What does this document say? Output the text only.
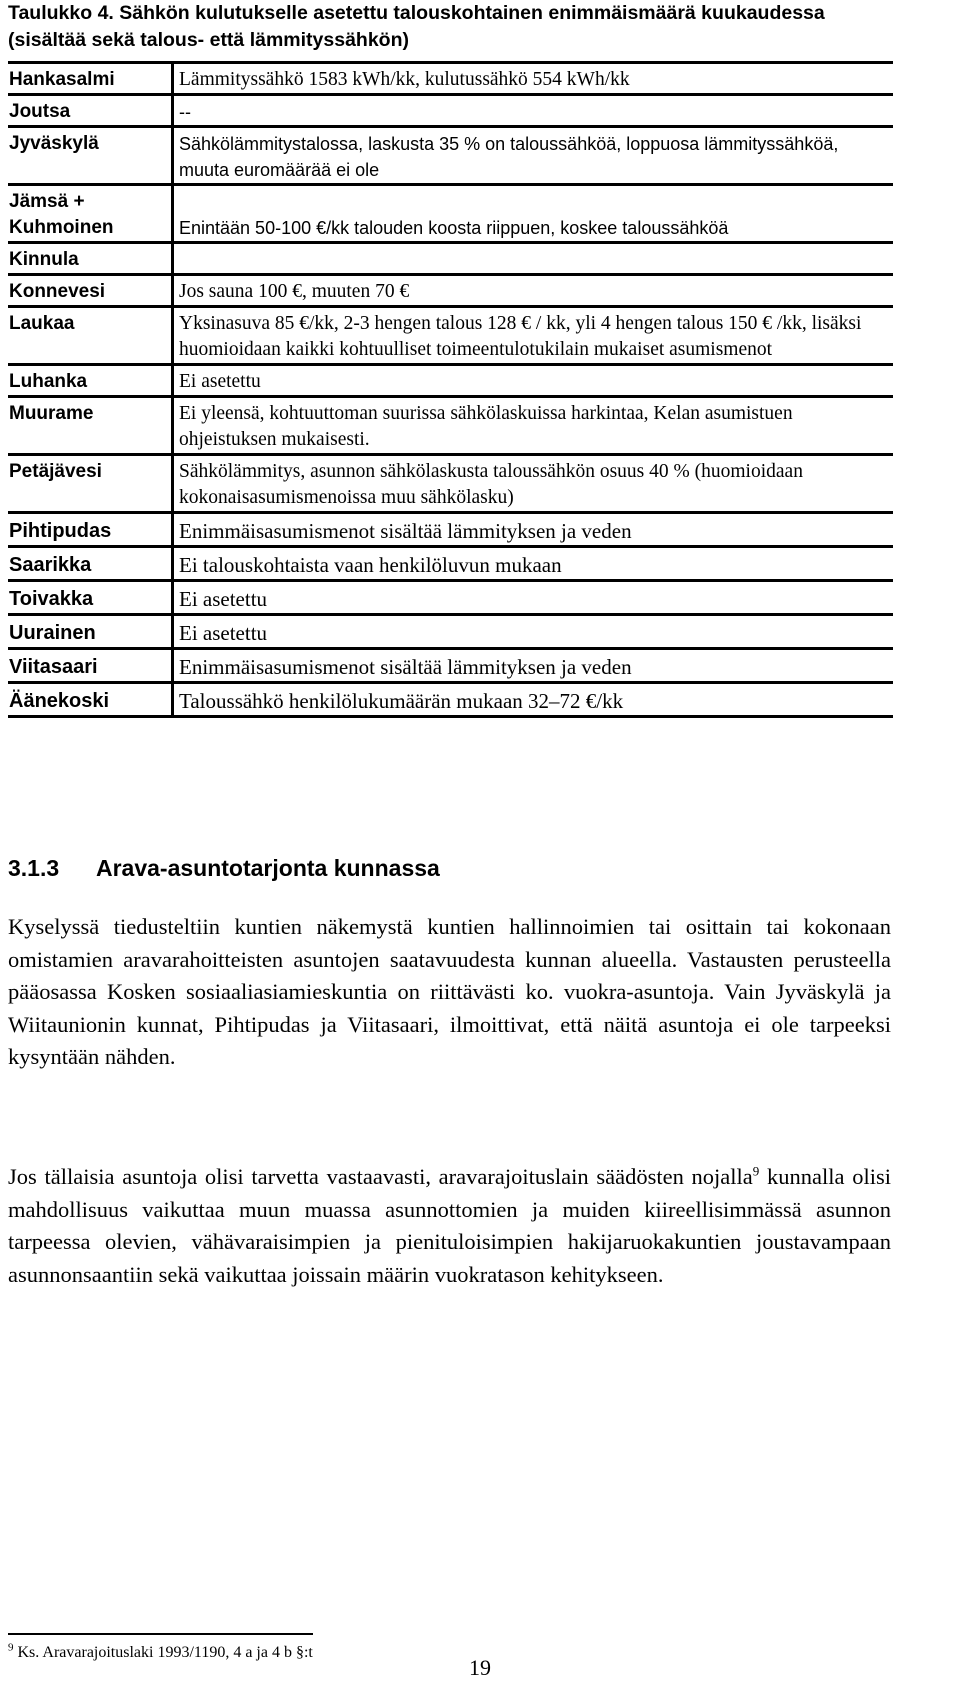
Taulukko 4. Sähkön kulutukselle asetettu talouskohtainen enimmäismäärä kuukaudessa (sisältää sekä talous- että lämmityssähkön)
Hankasalmi	Lämmityssähkö 1583 kWh/kk, kulutussähkö 554 kWh/kk
Joutsa	--
Jyväskylä	Sähkölämmitystalossa, laskusta 35 % on taloussähköä, loppuosa lämmityssähköä, muuta euromäärää ei ole
Jämsä + Kuhmoinen	Enintään 50-100 €/kk talouden koosta riippuen, koskee taloussähköä
Kinnula	
Konnevesi	Jos sauna 100 €, muuten 70 €
Laukaa	Yksinasuva 85 €/kk, 2-3 hengen talous 128 € / kk, yli 4 hengen talous 150 € /kk, lisäksi huomioidaan kaikki kohtuulliset toimeentulotukilain mukaiset asumismenot
Luhanka	Ei asetettu
Muurame	Ei yleensä, kohtuuttoman suurissa sähkölaskuissa harkintaa, Kelan asumistuen ohjeistuksen mukaisesti.
Petäjävesi	Sähkölämmitys, asunnon sähkölaskusta taloussähkön osuus 40 % (huomioidaan kokonaisasumismenoissa muu sähkölasku)
Pihtipudas	Enimmäisasumismenot sisältää lämmityksen ja veden
Saarikka	Ei talouskohtaista vaan henkilöluvun mukaan
Toivakka	Ei asetettu
Uurainen	Ei asetettu
Viitasaari	Enimmäisasumismenot sisältää lämmityksen ja veden
Äänekoski	Taloussähkö henkilölukumäärän mukaan 32–72 €/kk
3.1.3 Arava-asuntotarjonta kunnassa

Kyselyssä tiedusteltiin kuntien näkemystä kuntien hallinnoimien tai osittain tai kokonaan omistamien aravarahoitteisten asuntojen saatavuudesta kunnan alueella. Vastausten perusteella pääosassa Kosken sosiaaliasiamieskuntia on riittävästi ko. vuokra-asuntoja. Vain Jyväskylä ja Wiitaunionin kunnat, Pihtipudas ja Viitasaari, ilmoittivat, että näitä asuntoja ei ole tarpeeksi kysyntään nähden.

Jos tällaisia asuntoja olisi tarvetta vastaavasti, aravarajoituslain säädösten nojalla$^9$ kunnalla olisi mahdollisuus vaikuttaa muun muassa asunnottomien ja muiden kiireellisimmässä asunnon tarpeessa olevien, vähävaraisimpien ja pienituloisimpien hakijaruokakuntien joustavampaan asunnonsaantiin sekä vaikuttaa joissain määrin vuokratason kehitykseen.

$^9$ Ks. Aravarajoituslaki 1993/1190, 4 a ja 4 b §:t
19
